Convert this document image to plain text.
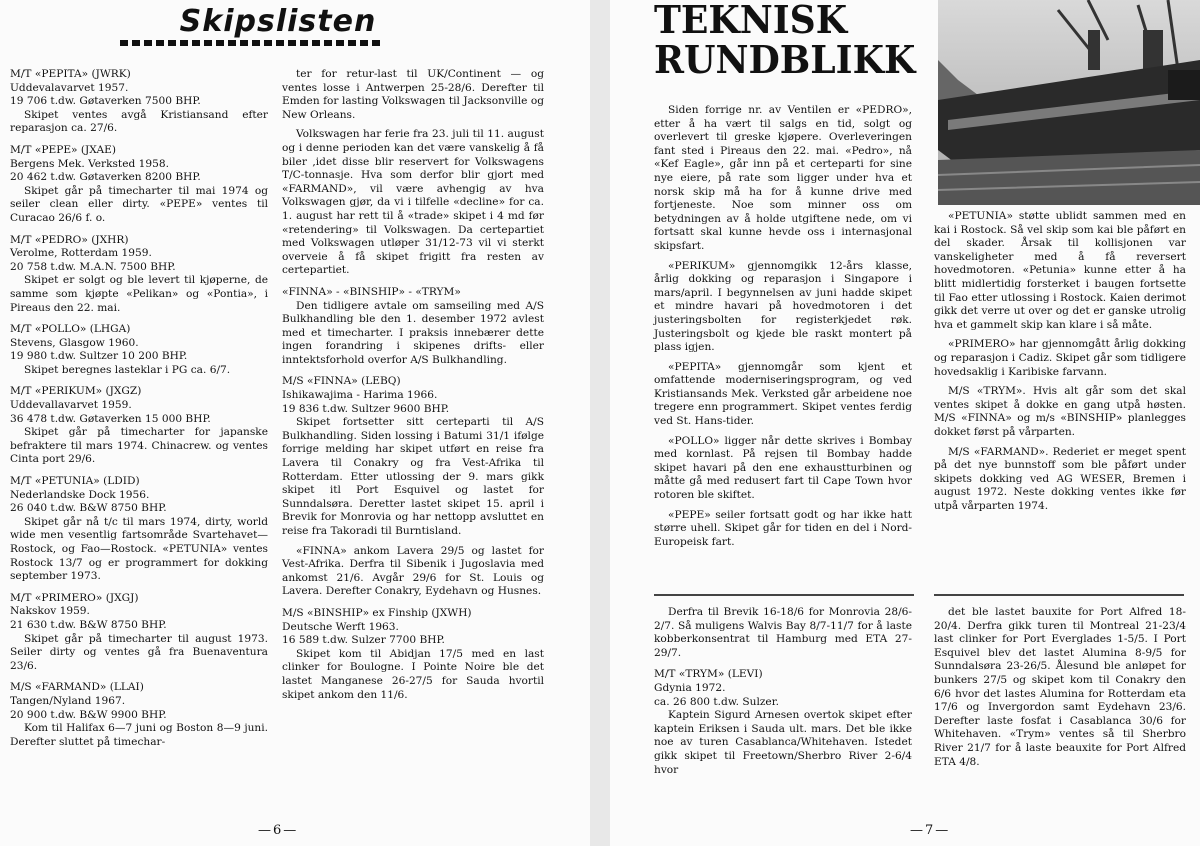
Skipslisten
M/T «PEPITA» (JWRK)
Uddevalavarvet 1957.
19 706 t.dw. Gøtaverken 7500 BHP.

Skipet ventes avgå Kristiansand efter reparasjon ca. 27/6.

M/T «PEPE» (JXAE)
Bergens Mek. Verksted 1958.
20 462 t.dw. Gøtaverken 8200 BHP.

Skipet går på timecharter til mai 1974 og seiler clean eller dirty. «PEPE» ventes til Curacao 26/6 f. o.

M/T «PEDRO» (JXHR)
Verolme, Rotterdam 1959.
20 758 t.dw. M.A.N. 7500 BHP.

Skipet er solgt og ble levert til kjøperne, de samme som kjøpte «Pelikan» og «Pontia», i Pireaus den 22. mai.

M/T «POLLO» (LHGA)
Stevens, Glasgow 1960.
19 980 t.dw. Sultzer 10 200 BHP.

Skipet beregnes lasteklar i PG ca. 6/7.

M/T «PERIKUM» (JXGZ)
Uddevallavarvet 1959.
36 478 t.dw. Gøtaverken 15 000 BHP.

Skipet går på timecharter for japanske befraktere til mars 1974. Chinacrew. og ventes Cinta port 29/6.

M/T «PETUNIA» (LDID)
Nederlandske Dock 1956.
26 040 t.dw. B&W 8750 BHP.

Skipet går nå t/c til mars 1974, dirty, world wide men vesentlig fartsområde Svartehavet—Rostock, og Fao—Rostock. «PETUNIA» ventes Rostock 13/7 og er programmert for dokking september 1973.

M/T «PRIMERO» (JXGJ)
Nakskov 1959.
21 630 t.dw. B&W 8750 BHP.

Skipet går på timecharter til august 1973. Seiler dirty og ventes gå fra Buenaventura 23/6.

M/S «FARMAND» (LLAI)
Tangen/Nyland 1967.
20 900 t.dw. B&W 9900 BHP.

Kom til Halifax 6—7 juni og Boston 8—9 juni. Derefter sluttet på timechar-

ter for retur-last til UK/Continent — og ventes losse i Antwerpen 25-28/6. Derefter til Emden for lasting Volkswagen til Jacksonville og New Orleans.

Volkswagen har ferie fra 23. juli til 11. august og i denne perioden kan det være vanskelig å få biler ,idet disse blir reservert for Volkswagens T/C-tonnasje. Hva som derfor blir gjort med «FARMAND», vil være avhengig av hva Volkswagen gjør, da vi i tilfelle «decline» for ca. 1. august har rett til å «trade» skipet i 4 md før «retendering» til Volkswagen. Da certepartiet med Volkswagen utløper 31/12-73 vil vi sterkt overveie å få skipet frigitt fra resten av certepartiet.

«FINNA» - «BINSHIP» - «TRYM»

Den tidligere avtale om samseiling med A/S Bulkhandling ble den 1. desember 1972 avlest med et timecharter. I praksis innebærer dette ingen forandring i skipenes drifts- eller inntektsforhold overfor A/S Bulkhandling.

M/S «FINNA» (LEBQ)
Ishikawajima - Harima 1966.
19 836 t.dw. Sultzer 9600 BHP.

Skipet fortsetter sitt certeparti til A/S Bulkhandling. Siden lossing i Batumi 31/1 ifølge forrige melding har skipet utført en reise fra Lavera til Conakry og fra Vest-Afrika til Rotterdam. Etter utlossing der 9. mars gikk skipet itl Port Esquivel og lastet for Sunndalsøra. Deretter lastet skipet 15. april i Brevik for Monrovia og har nettopp avsluttet en reise fra Takoradi til Burntisland.

«FINNA» ankom Lavera 29/5 og lastet for Vest-Afrika. Derfra til Sibenik i Jugoslavia med ankomst 21/6. Avgår 29/6 for St. Louis og Lavera. Derefter Conakry, Eydehavn og Husnes.

M/S «BINSHIP» ex Finship (JXWH)
Deutsche Werft 1963.
16 589 t.dw. Sulzer 7700 BHP.

Skipet kom til Abidjan 17/5 med en last clinker for Boulogne. I Pointe Noire ble det lastet Manganese 26-27/5 for Sauda hvortil skipet ankom den 11/6.

—6—
TEKNISK
RUNDBLIKK

Siden forrige nr. av Ventilen er «PEDRO», etter å ha vært til salgs en tid, solgt og overlevert til greske kjøpere. Overleveringen fant sted i Pireaus den 22. mai. «Pedro», nå «Kef Eagle», går inn på et certeparti for sine nye eiere, på rate som ligger under hva et norsk skip må ha for å kunne drive med fortjeneste. Noe som minner oss om betydningen av å holde utgiftene nede, om vi fortsatt skal kunne hevde oss i internasjonal skipsfart.

«PERIKUM» gjennomgikk 12-års klasse, årlig dokking og reparasjon i Singapore i mars/april. I begynnelsen av juni hadde skipet et mindre havari på hovedmotoren i det justeringsbolten for registerkjedet røk. Justeringsbolt og kjede ble raskt montert på plass igjen.

«PEPITA» gjennomgår som kjent et omfattende moderniseringsprogram, og ved Kristiansands Mek. Verksted går arbeidene noe tregere enn programmert. Skipet ventes ferdig ved St. Hans-tider.

«POLLO» ligger når dette skrives i Bombay med kornlast. På rejsen til Bombay hadde skipet havari på den ene exhaustturbinen og måtte gå med redusert fart til Cape Town hvor rotoren ble skiftet.

«PEPE» seiler fortsatt godt og har ikke hatt større uhell. Skipet går for tiden en del i Nord-Europeisk fart.

«PETUNIA» støtte ublidt sammen med en kai i Rostock. Så vel skip som kai ble påført en del skader. Årsak til kollisjonen var vanskeligheter med å få reversert hovedmotoren. «Petunia» kunne etter å ha blitt midlertidig forsterket i baugen fortsette til Fao etter utlossing i Rostock. Kaien derimot gikk det verre ut over og det er ganske utrolig hva et gammelt skip kan klare i så måte.

«PRIMERO» har gjennomgått årlig dokking og reparasjon i Cadiz. Skipet går som tidligere hovedsaklig i Karibiske farvann.

M/S «TRYM». Hvis alt går som det skal ventes skipet å dokke en gang utpå høsten. M/S «FINNA» og m/s «BINSHIP» planlegges dokket først på vårparten.

M/S «FARMAND». Rederiet er meget spent på det nye bunnstoff som ble påført under skipets dokking ved AG WESER, Bremen i august 1972. Neste dokking ventes ikke før utpå vårparten 1974.

Derfra til Brevik 16-18/6 for Monrovia 28/6-2/7. Så muligens Walvis Bay 8/7-11/7 for å laste kobberkonsentrat til Hamburg med ETA 27-29/7.

M/T «TRYM» (LEVI)
Gdynia 1972.
ca. 26 800 t.dw. Sulzer.

Kaptein Sigurd Arnesen overtok skipet efter kaptein Eriksen i Sauda ult. mars. Det ble ikke noe av turen Casablanca/Whitehaven. Istedet gikk skipet til Freetown/Sherbro River 2-6/4 hvor

det ble lastet bauxite for Port Alfred 18-20/4. Derfra gikk turen til Montreal 21-23/4 last clinker for Port Everglades 1-5/5. I Port Esquivel blev det lastet Alumina 8-9/5 for Sunndalsøra 23-26/5. Ålesund ble anløpet for bunkers 27/5 og skipet kom til Conakry den 6/6 hvor det lastes Alumina for Rotterdam eta 17/6 og Invergordon samt Eydehavn 23/6. Derefter laste fosfat i Casablanca 30/6 for Whitehaven. «Trym» ventes så til Sherbro River 21/7 for å laste beauxite for Port Alfred ETA 4/8.

—7—
